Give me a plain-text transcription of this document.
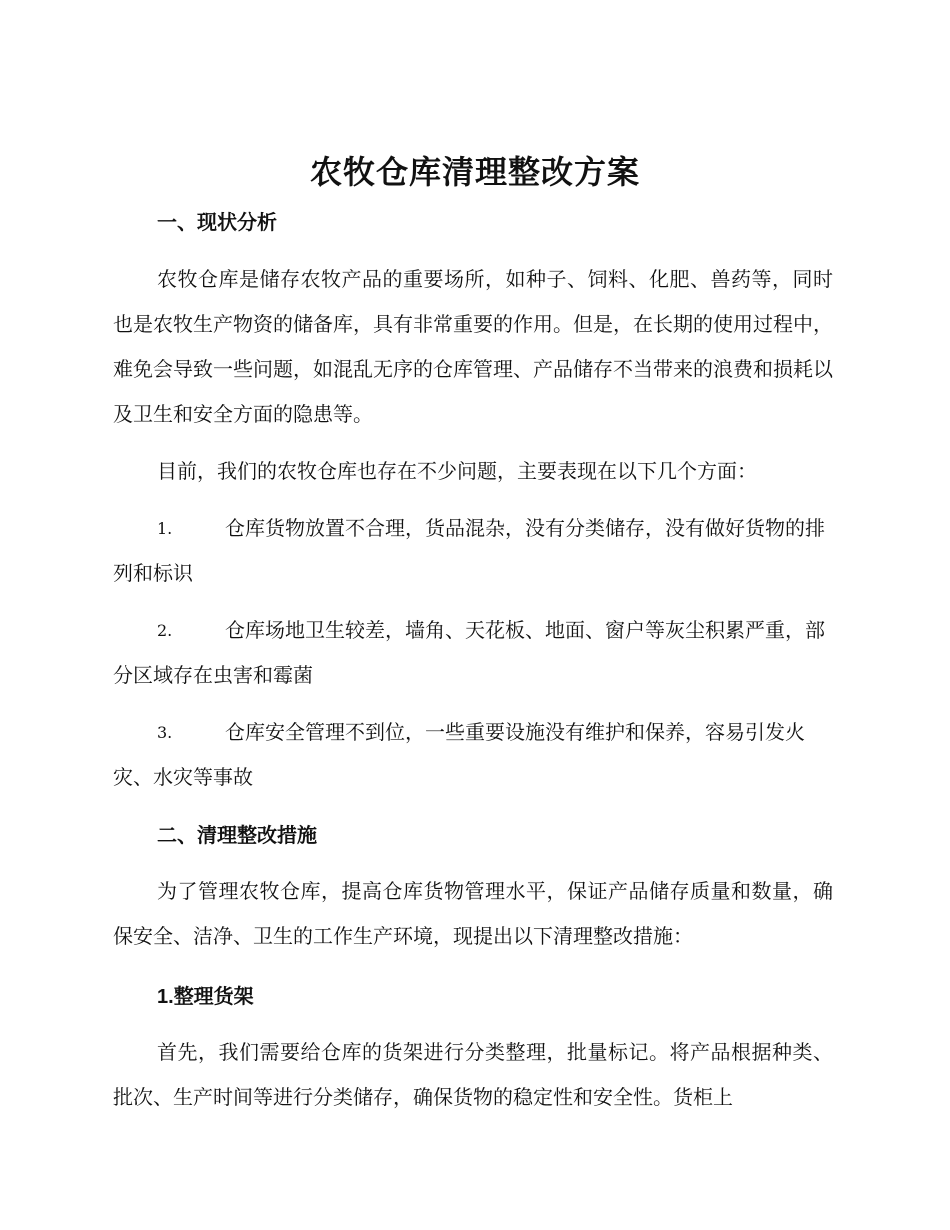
农牧仓库清理整改方案
一、现状分析

农牧仓库是储存农牧产品的重要场所，如种子、饲料、化肥、兽药等，同时也是农牧生产物资的储备库，具有非常重要的作用。但是，在长期的使用过程中，难免会导致一些问题，如混乱无序的仓库管理、产品储存不当带来的浪费和损耗以及卫生和安全方面的隐患等。

目前，我们的农牧仓库也存在不少问题，主要表现在以下几个方面：

1.	仓库货物放置不合理，货品混杂，没有分类储存，没有做好货物的排列和标识

2.	仓库场地卫生较差，墙角、天花板、地面、窗户等灰尘积累严重，部分区域存在虫害和霉菌

3.	仓库安全管理不到位，一些重要设施没有维护和保养，容易引发火灾、水灾等事故

二、清理整改措施

为了管理农牧仓库，提高仓库货物管理水平，保证产品储存质量和数量，确保安全、洁净、卫生的工作生产环境，现提出以下清理整改措施：

1.整理货架

首先，我们需要给仓库的货架进行分类整理，批量标记。将产品根据种类、批次、生产时间等进行分类储存，确保货物的稳定性和安全性。货柜上
